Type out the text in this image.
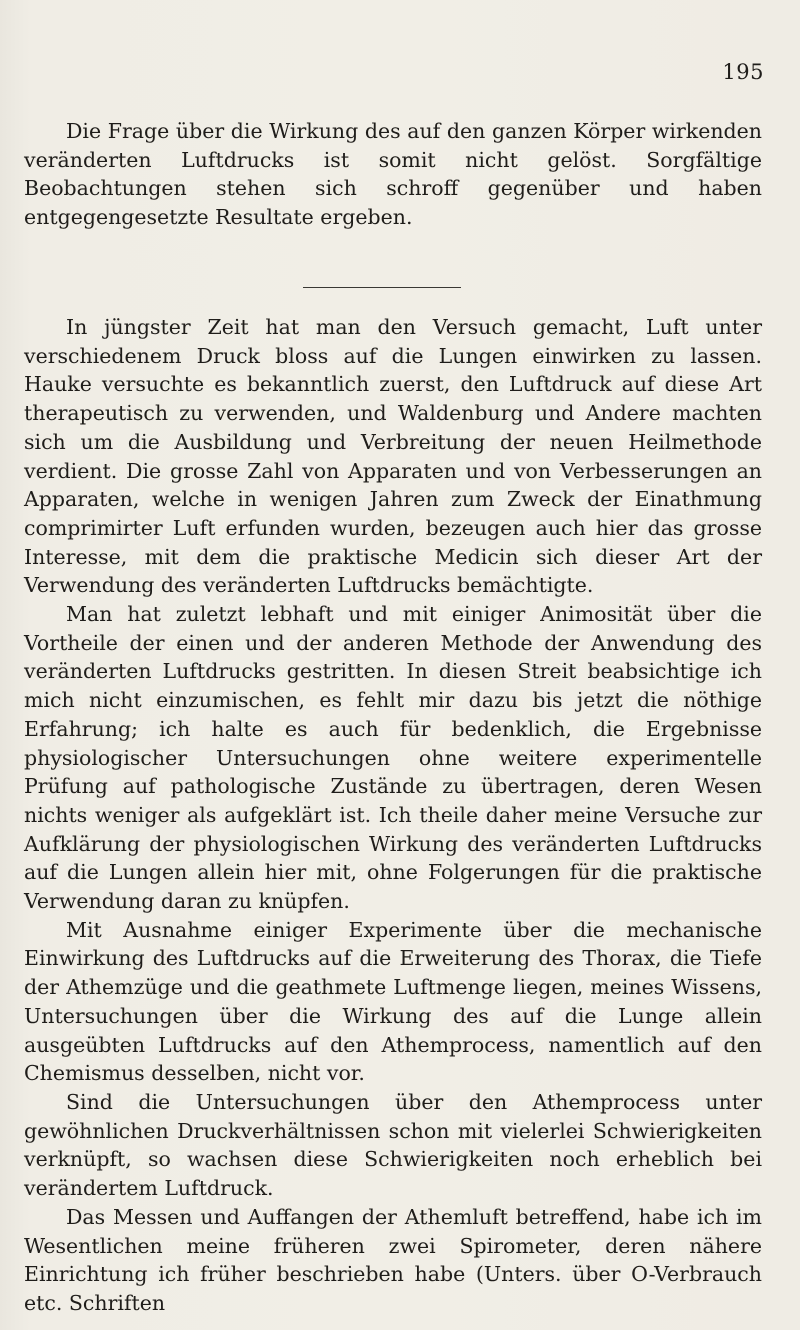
195

Die Frage über die Wirkung des auf den ganzen Körper wirkenden veränderten Luftdrucks ist somit nicht gelöst. Sorgfältige Beobachtungen stehen sich schroff gegenüber und haben entgegengesetzte Resultate ergeben.

In jüngster Zeit hat man den Versuch gemacht, Luft unter verschiedenem Druck bloss auf die Lungen einwirken zu lassen. Hauke versuchte es bekanntlich zuerst, den Luftdruck auf diese Art therapeutisch zu verwenden, und Waldenburg und Andere machten sich um die Ausbildung und Verbreitung der neuen Heilmethode verdient. Die grosse Zahl von Apparaten und von Verbesserungen an Apparaten, welche in wenigen Jahren zum Zweck der Einathmung comprimirter Luft erfunden wurden, bezeugen auch hier das grosse Interesse, mit dem die praktische Medicin sich dieser Art der Verwendung des veränderten Luftdrucks bemächtigte.

Man hat zuletzt lebhaft und mit einiger Animosität über die Vortheile der einen und der anderen Methode der Anwendung des veränderten Luftdrucks gestritten. In diesen Streit beabsichtige ich mich nicht einzumischen, es fehlt mir dazu bis jetzt die nöthige Erfahrung; ich halte es auch für bedenklich, die Ergebnisse physiologischer Untersuchungen ohne weitere experimentelle Prüfung auf pathologische Zustände zu übertragen, deren Wesen nichts weniger als aufgeklärt ist. Ich theile daher meine Versuche zur Aufklärung der physiologischen Wirkung des veränderten Luftdrucks auf die Lungen allein hier mit, ohne Folgerungen für die praktische Verwendung daran zu knüpfen.

Mit Ausnahme einiger Experimente über die mechanische Einwirkung des Luftdrucks auf die Erweiterung des Thorax, die Tiefe der Athemzüge und die geathmete Luftmenge liegen, meines Wissens, Untersuchungen über die Wirkung des auf die Lunge allein ausgeübten Luftdrucks auf den Athemprocess, namentlich auf den Chemismus desselben, nicht vor.

Sind die Untersuchungen über den Athemprocess unter gewöhnlichen Druckverhältnissen schon mit vielerlei Schwierigkeiten verknüpft, so wachsen diese Schwierigkeiten noch erheblich bei verändertem Luftdruck.

Das Messen und Auffangen der Athemluft betreffend, habe ich im Wesentlichen meine früheren zwei Spirometer, deren nähere Einrichtung ich früher beschrieben habe (Unters. über O-Verbrauch etc. Schriften
